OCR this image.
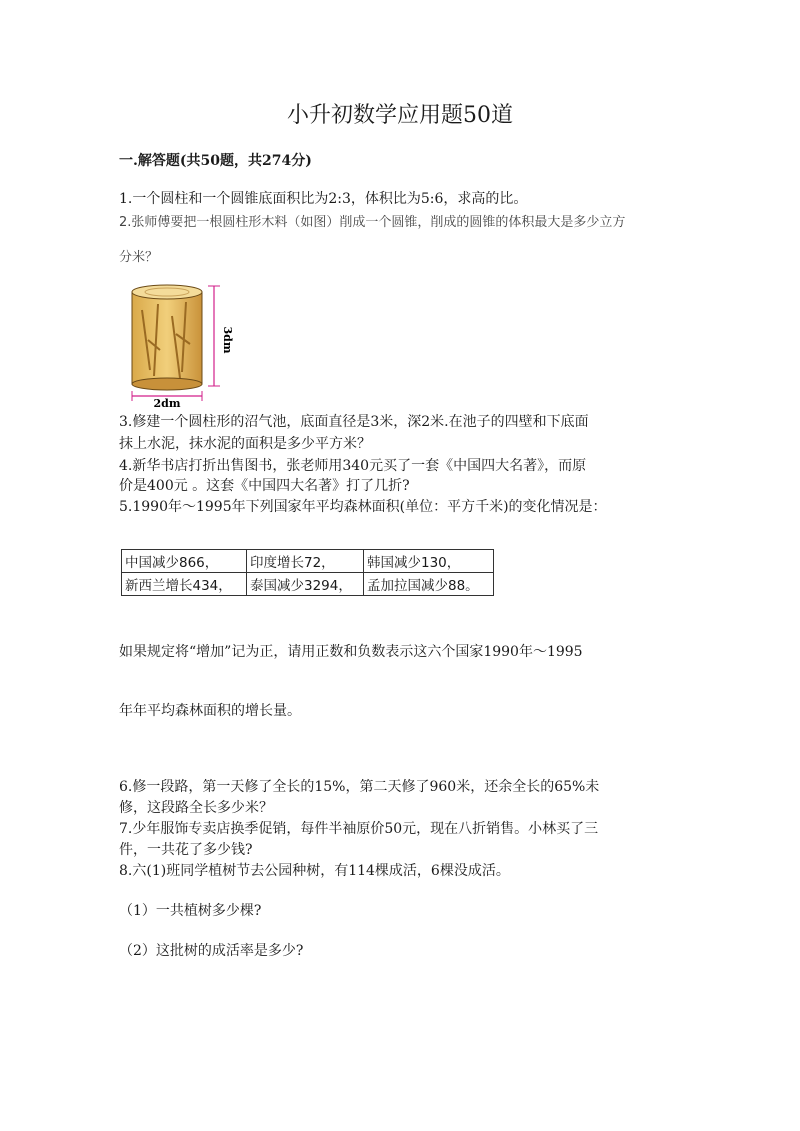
小升初数学应用题50道
一.解答题(共50题，共274分)
1.一个圆柱和一个圆锥底面积比为2:3，体积比为5:6，求高的比。
2.张师傅要把一根圆柱形木料（如图）削成一个圆锥，削成的圆锥的体积最大是多少立方
分米？
3dm
2dm
3.修建一个圆柱形的沼气池，底面直径是3米，深2米.在池子的四壁和下底面
抹上水泥，抹水泥的面积是多少平方米？
4.新华书店打折出售图书，张老师用340元买了一套《中国四大名著》，而原
价是400元 。这套《中国四大名著》打了几折?
5.1990年～1995年下列国家年平均森林面积(单位：平方千米)的变化情况是：
中国减少866，	印度增长72，	韩国减少130，
新西兰增长434，	泰国减少3294，	孟加拉国减少88。
如果规定将“增加”记为正，请用正数和负数表示这六个国家1990年～1995
年年平均森林面积的增长量。
6.修一段路，第一天修了全长的15%，第二天修了960米，还余全长的65%未
修，这段路全长多少米？
7.少年服饰专卖店换季促销，每件半袖原价50元，现在八折销售。小林买了三
件，一共花了多少钱?
8.六(1)班同学植树节去公园种树，有114棵成活，6棵没成活。
（1）一共植树多少棵?
（2）这批树的成活率是多少?
